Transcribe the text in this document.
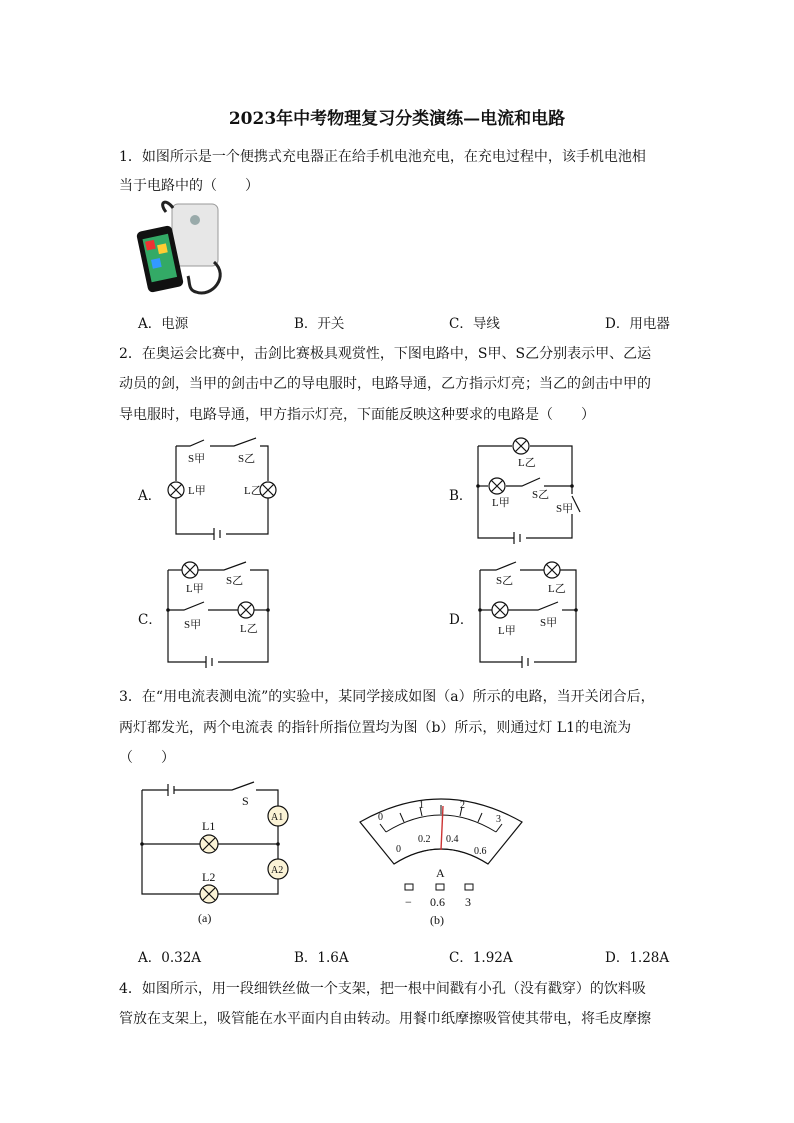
2023年中考物理复习分类演练—电流和电路
1．如图所示是一个便携式充电器正在给手机电池充电，在充电过程中，该手机电池相
当于电路中的（　　）
A．电源	B．开关	C．导线	D．用电器
2．在奥运会比赛中，击剑比赛极具观赏性，下图电路中，S甲、S乙分别表示甲、乙运
动员的剑，当甲的剑击中乙的导电服时，电路导通，乙方指示灯亮；当乙的剑击中甲的
导电服时，电路导通，甲方指示灯亮，下面能反映这种要求的电路是（　　）
A．	B．
C．	D．
S甲	S乙
L甲	L乙
L乙
L甲
S乙
S甲
L甲
S乙
S甲	L乙
S乙
L乙
L甲
S甲
3．在“用电流表测电流”的实验中，某同学接成如图（a）所示的电路，当开关闭合后，
两灯都发光，两个电流表 的指针所指位置均为图（b）所示，则通过灯 L1的电流为
（　　）
S
L1
L2
A1
A2
(a)
0
1	2
3
0
0.2 0.4
0.6
A
− 0.6 3
(b)
A．0.32A	B．1.6A	C．1.92A	D．1.28A
4．如图所示，用一段细铁丝做一个支架，把一根中间戳有小孔（没有戳穿）的饮料吸
管放在支架上，吸管能在水平面内自由转动。用餐巾纸摩擦吸管使其带电，将毛皮摩擦
